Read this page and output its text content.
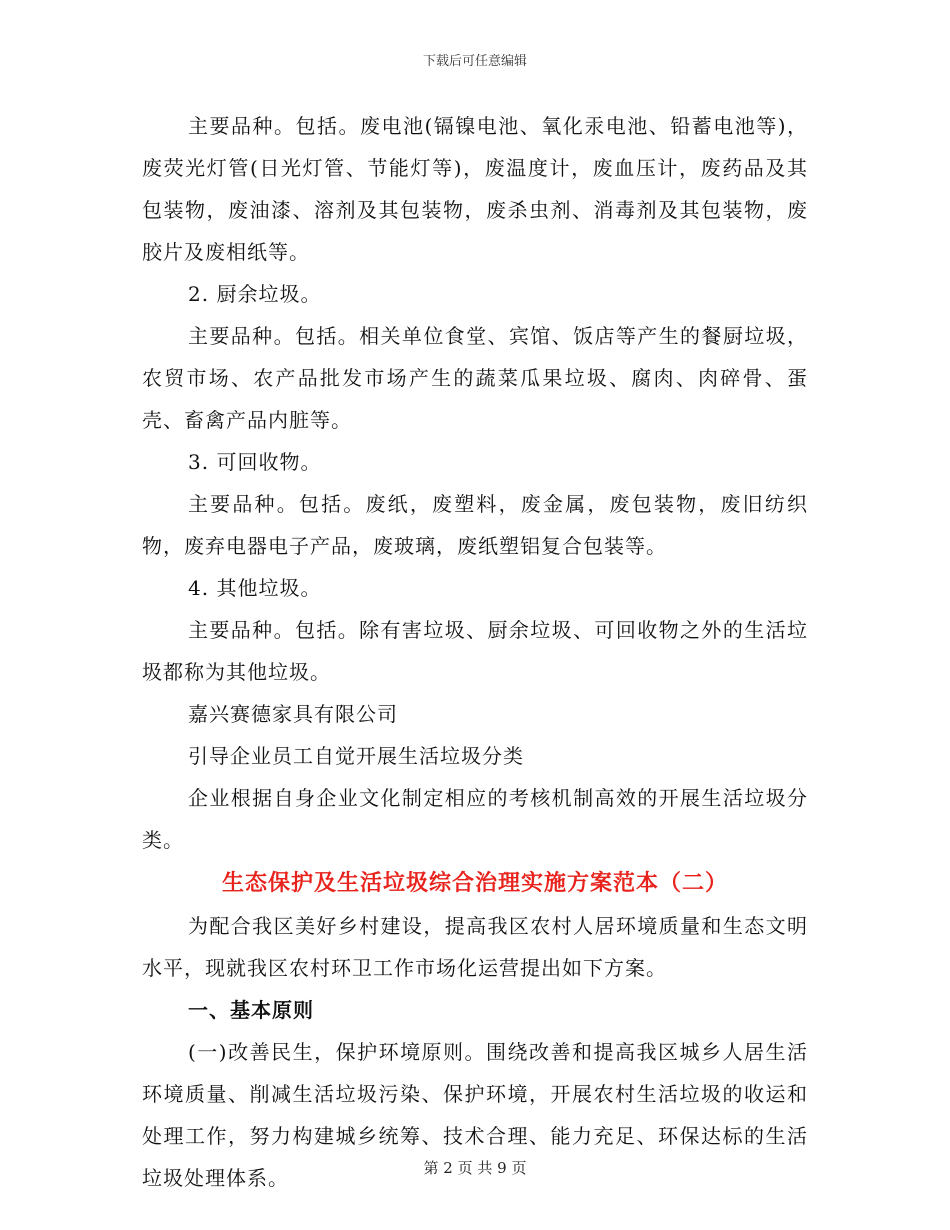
下载后可任意编辑

主要品种。包括。废电池(镉镍电池、氧化汞电池、铅蓄电池等)，废荧光灯管(日光灯管、节能灯等)，废温度计，废血压计，废药品及其包装物，废油漆、溶剂及其包装物，废杀虫剂、消毒剂及其包装物，废胶片及废相纸等。

2. 厨余垃圾。

主要品种。包括。相关单位食堂、宾馆、饭店等产生的餐厨垃圾，农贸市场、农产品批发市场产生的蔬菜瓜果垃圾、腐肉、肉碎骨、蛋壳、畜禽产品内脏等。

3. 可回收物。

主要品种。包括。废纸，废塑料，废金属，废包装物，废旧纺织物，废弃电器电子产品，废玻璃，废纸塑铝复合包装等。

4. 其他垃圾。

主要品种。包括。除有害垃圾、厨余垃圾、可回收物之外的生活垃圾都称为其他垃圾。

嘉兴赛德家具有限公司

引导企业员工自觉开展生活垃圾分类

企业根据自身企业文化制定相应的考核机制高效的开展生活垃圾分类。

生态保护及生活垃圾综合治理实施方案范本（二）

为配合我区美好乡村建设，提高我区农村人居环境质量和生态文明水平，现就我区农村环卫工作市场化运营提出如下方案。

一、基本原则

(一)改善民生，保护环境原则。围绕改善和提高我区城乡人居生活环境质量、削减生活垃圾污染、保护环境，开展农村生活垃圾的收运和处理工作，努力构建城乡统筹、技术合理、能力充足、环保达标的生活垃圾处理体系。	第 2 页 共 9 页
